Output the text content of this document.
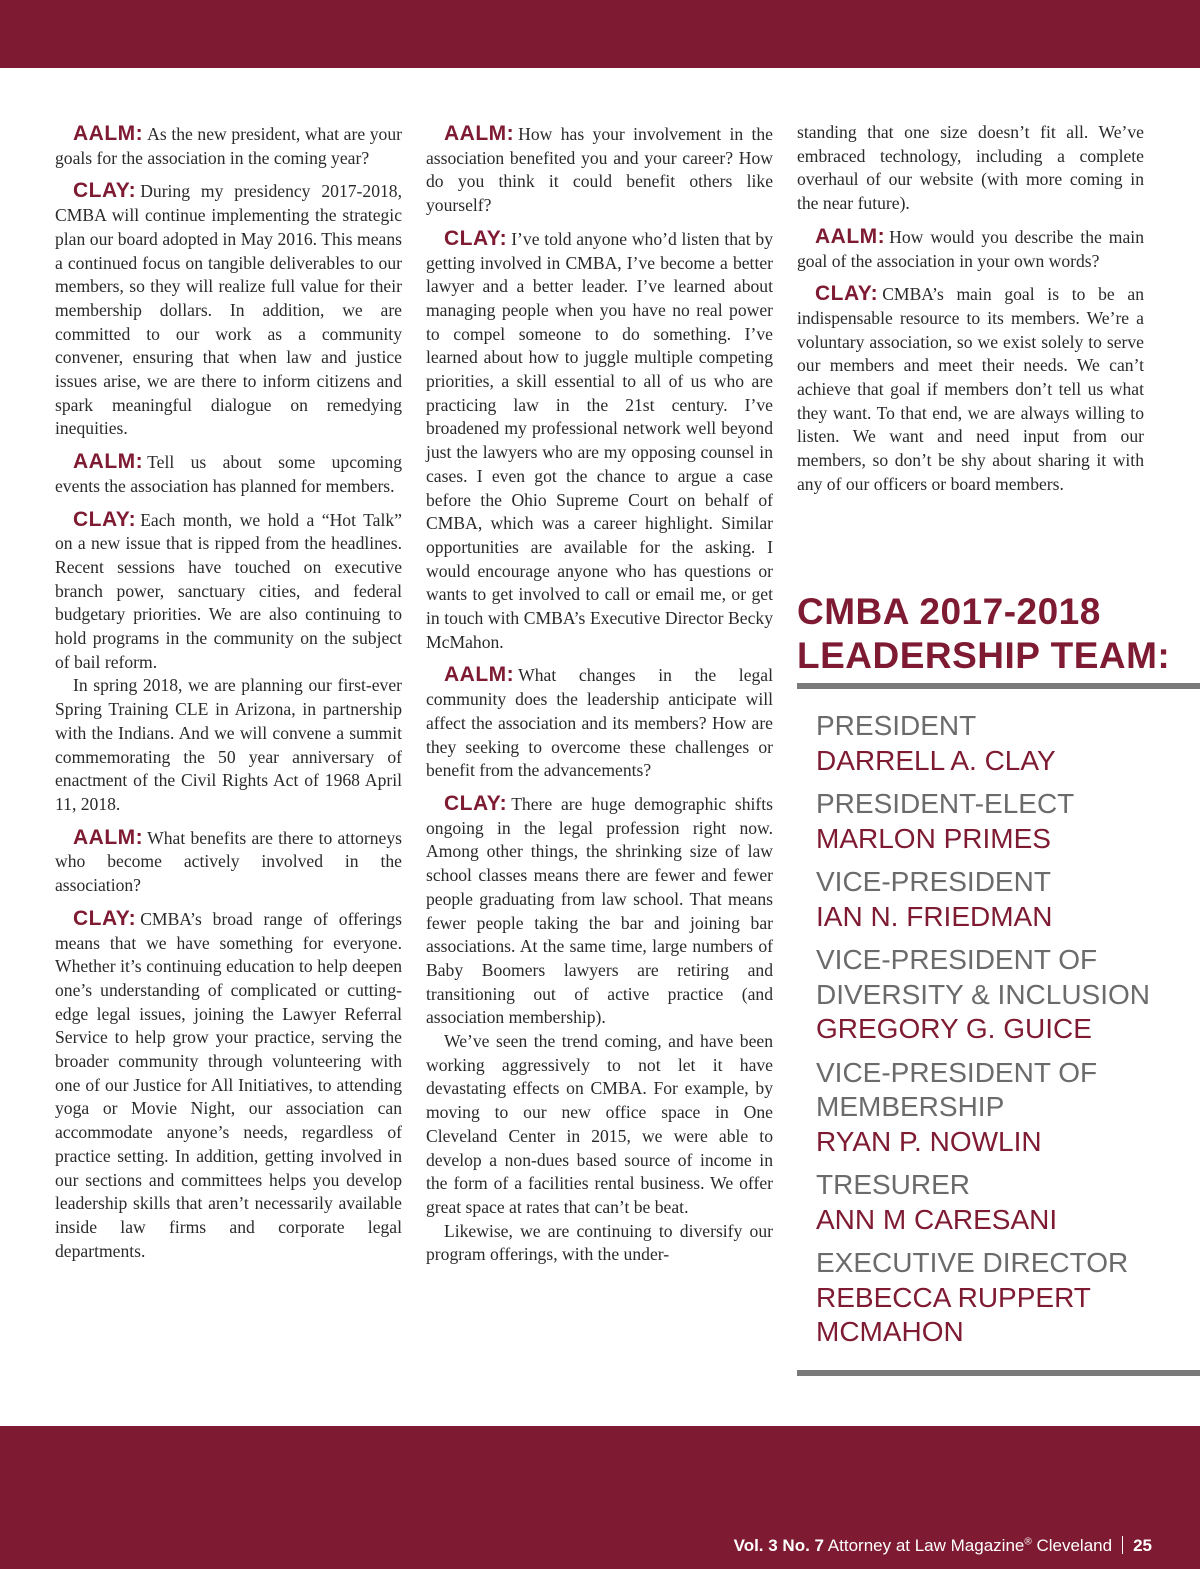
AALM: As the new president, what are your goals for the association in the coming year?

CLAY: During my presidency 2017-2018, CMBA will continue implementing the strategic plan our board adopted in May 2016. This means a continued focus on tangible deliverables to our members, so they will realize full value for their membership dollars. In addition, we are committed to our work as a community convener, ensuring that when law and justice issues arise, we are there to inform citizens and spark meaningful dialogue on remedying inequities.

AALM: Tell us about some upcoming events the association has planned for members.

CLAY: Each month, we hold a “Hot Talk” on a new issue that is ripped from the headlines. Recent sessions have touched on executive branch power, sanctuary cities, and federal budgetary priorities. We are also continuing to hold programs in the community on the subject of bail reform.

In spring 2018, we are planning our first-ever Spring Training CLE in Arizona, in partnership with the Indians. And we will convene a summit commemorating the 50 year anniversary of enactment of the Civil Rights Act of 1968 April 11, 2018.

AALM: What benefits are there to attorneys who become actively involved in the association?

CLAY: CMBA’s broad range of offerings means that we have something for everyone. Whether it’s continuing education to help deepen one’s understanding of complicated or cutting-edge legal issues, joining the Lawyer Referral Service to help grow your practice, serving the broader community through volunteering with one of our Justice for All Initiatives, to attending yoga or Movie Night, our association can accommodate anyone’s needs, regardless of practice setting. In addition, getting involved in our sections and committees helps you develop leadership skills that aren’t necessarily available inside law firms and corporate legal departments.

AALM: How has your involvement in the association benefited you and your career? How do you think it could benefit others like yourself?

CLAY: I’ve told anyone who’d listen that by getting involved in CMBA, I’ve become a better lawyer and a better leader. I’ve learned about managing people when you have no real power to compel someone to do something. I’ve learned about how to juggle multiple competing priorities, a skill essential to all of us who are practicing law in the 21st century. I’ve broadened my professional network well beyond just the lawyers who are my opposing counsel in cases. I even got the chance to argue a case before the Ohio Supreme Court on behalf of CMBA, which was a career highlight. Similar opportunities are available for the asking. I would encourage anyone who has questions or wants to get involved to call or email me, or get in touch with CMBA’s Executive Director Becky McMahon.

AALM: What changes in the legal community does the leadership anticipate will affect the association and its members? How are they seeking to overcome these challenges or benefit from the advancements?

CLAY: There are huge demographic shifts ongoing in the legal profession right now. Among other things, the shrinking size of law school classes means there are fewer and fewer people graduating from law school. That means fewer people taking the bar and joining bar associations. At the same time, large numbers of Baby Boomers lawyers are retiring and transitioning out of active practice (and association membership).

We’ve seen the trend coming, and have been working aggressively to not let it have devastating effects on CMBA. For example, by moving to our new office space in One Cleveland Center in 2015, we were able to develop a non-dues based source of income in the form of a facilities rental business. We offer great space at rates that can’t be beat.

Likewise, we are continuing to diversify our program offerings, with the under-

standing that one size doesn’t fit all. We’ve embraced technology, including a complete overhaul of our website (with more coming in the near future).

AALM: How would you describe the main goal of the association in your own words?

CLAY: CMBA’s main goal is to be an indispensable resource to its members. We’re a voluntary association, so we exist solely to serve our members and meet their needs. We can’t achieve that goal if members don’t tell us what they want. To that end, we are always willing to listen. We want and need input from our members, so don’t be shy about sharing it with any of our officers or board members.

CMBA 2017-2018 LEADERSHIP TEAM:
PRESIDENT
DARRELL A. CLAY
PRESIDENT-ELECT
MARLON PRIMES
VICE-PRESIDENT
IAN N. FRIEDMAN
VICE-PRESIDENT OF DIVERSITY & INCLUSION
GREGORY G. GUICE
VICE-PRESIDENT OF MEMBERSHIP
RYAN P. NOWLIN
TRESURER
ANN M CARESANI
EXECUTIVE DIRECTOR
REBECCA RUPPERT MCMAHON
Vol. 3 No. 7 Attorney at Law Magazine® Cleveland 25
